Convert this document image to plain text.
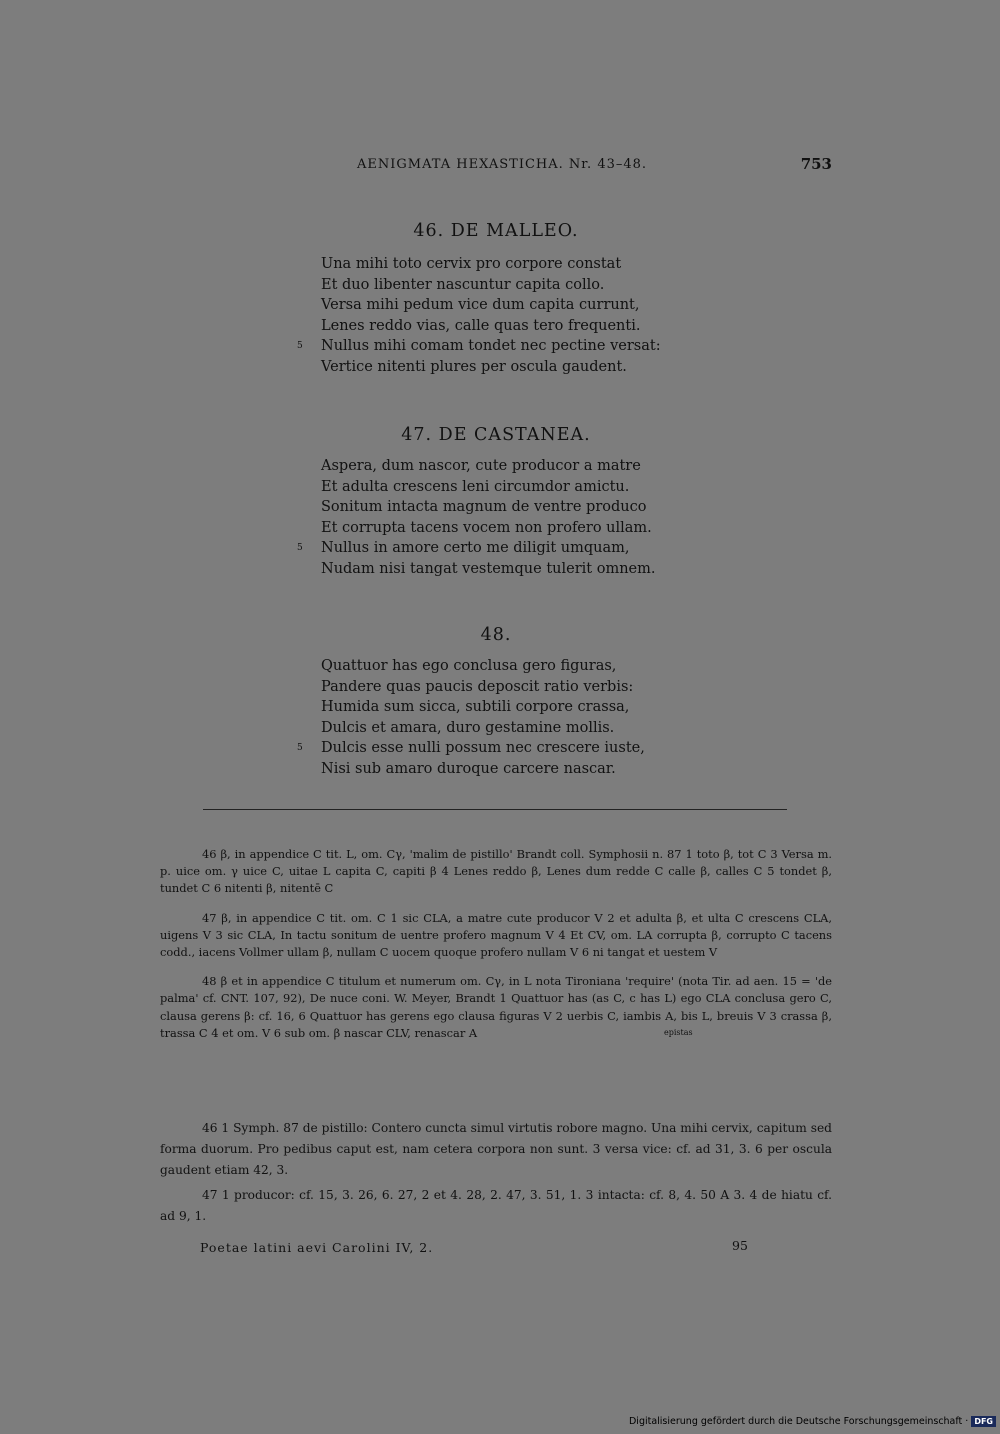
AENIGMATA HEXASTICHA. Nr. 43–48.	753
46. DE MALLEO.
Una mihi toto cervix pro corpore constat
Et duo libenter nascuntur capita collo.
Versa mihi pedum vice dum capita currunt,
Lenes reddo vias, calle quas tero frequenti.
5 Nullus mihi comam tondet nec pectine versat:
Vertice nitenti plures per oscula gaudent.
47. DE CASTANEA.
Aspera, dum nascor, cute producor a matre
Et adulta crescens leni circumdor amictu.
Sonitum intacta magnum de ventre produco
Et corrupta tacens vocem non profero ullam.
5 Nullus in amore certo me diligit umquam,
Nudam nisi tangat vestemque tulerit omnem.
48.
Quattuor has ego conclusa gero figuras,
Pandere quas paucis deposcit ratio verbis:
Humida sum sicca, subtili corpore crassa,
Dulcis et amara, duro gestamine mollis.
5 Dulcis esse nulli possum nec crescere iuste,
Nisi sub amaro duroque carcere nascar.

46 β, in appendice C tit. L, om. Cγ, 'malim de pistillo' Brandt coll. Symphosii n. 87 1 toto β, tot C 3 Versa m. p. uice om. γ uice C, uitae L capita C, capiti β 4 Lenes reddo β, Lenes dum redde C calle β, calles C 5 tondet β, tundet C 6 nitenti β, nitentē C

47 β, in appendice C tit. om. C 1 sic CLA, a matre cute producor V 2 et adulta β, et ulta C crescens CLA, uigens V 3 sic CLA, In tactu sonitum de uentre profero magnum V 4 Et CV, om. LA corrupta β, corrupto C tacens codd., iacens Vollmer ullam β, nullam C uocem quoque profero nullam V 6 ni tangat et uestem V

48 β et in appendice C titulum et numerum om. Cγ, in L nota Tironiana 'require' (nota Tir. ad aen. 15 = 'de palma' cf. CNT. 107, 92), De nuce coni. W. Meyer, Brandt 1 Quattuor has (as C, c has L) ego CLA conclusa gero C, clausa gerens β: cf. 16, 6 Quattuor has gerens ego clausa figuras V 2 uerbis C, iambis A, bis L, breuis V 3 crassa β, trassa C 4 et om. V 6 sub om. β nascar CLV, renascar A	epistas

46 1 Symph. 87 de pistillo: Contero cuncta simul virtutis robore magno. Una mihi cervix, capitum sed forma duorum. Pro pedibus caput est, nam cetera corpora non sunt. 3 versa vice: cf. ad 31, 3. 6 per oscula gaudent etiam 42, 3.

47 1 producor: cf. 15, 3. 26, 6. 27, 2 et 4. 28, 2. 47, 3. 51, 1. 3 intacta: cf. 8, 4. 50 A 3. 4 de hiatu cf. ad 9, 1.

Poetae latini aevi Carolini IV, 2.	95
Digitalisierung gefördert durch die Deutsche Forschungsgemeinschaft · DFG
